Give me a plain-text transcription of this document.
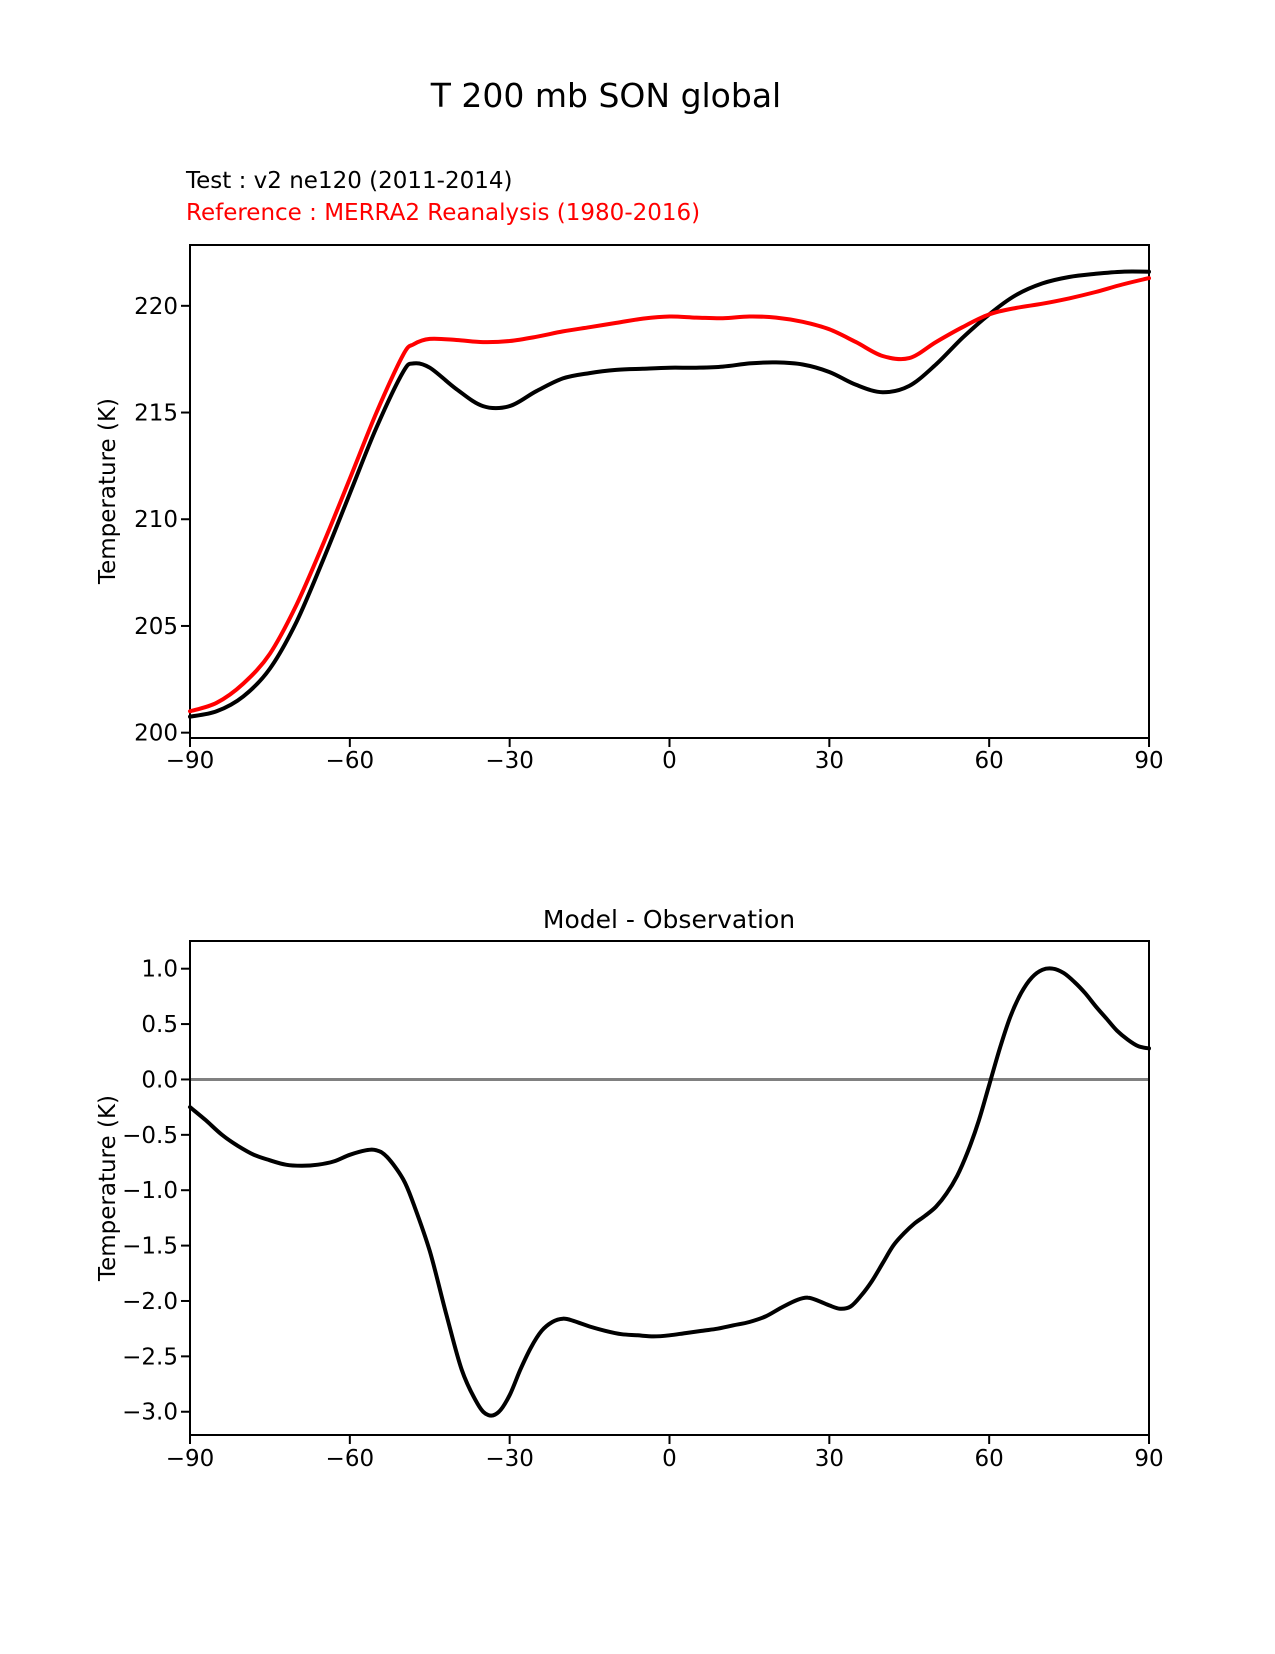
T 200 mb SON global
Test : v2 ne120 (2011-2014)
Reference : MERRA2 Reanalysis (1980-2016)
Temperature (K)
−90	−60	−30	0	30	60	90
200
205
210
215
220
Model - Observation
Temperature (K)
−90	−60	−30	0	30	60	90
1.0
0.5
0.0
−0.5
−1.0
−1.5
−2.0
−2.5
−3.0
